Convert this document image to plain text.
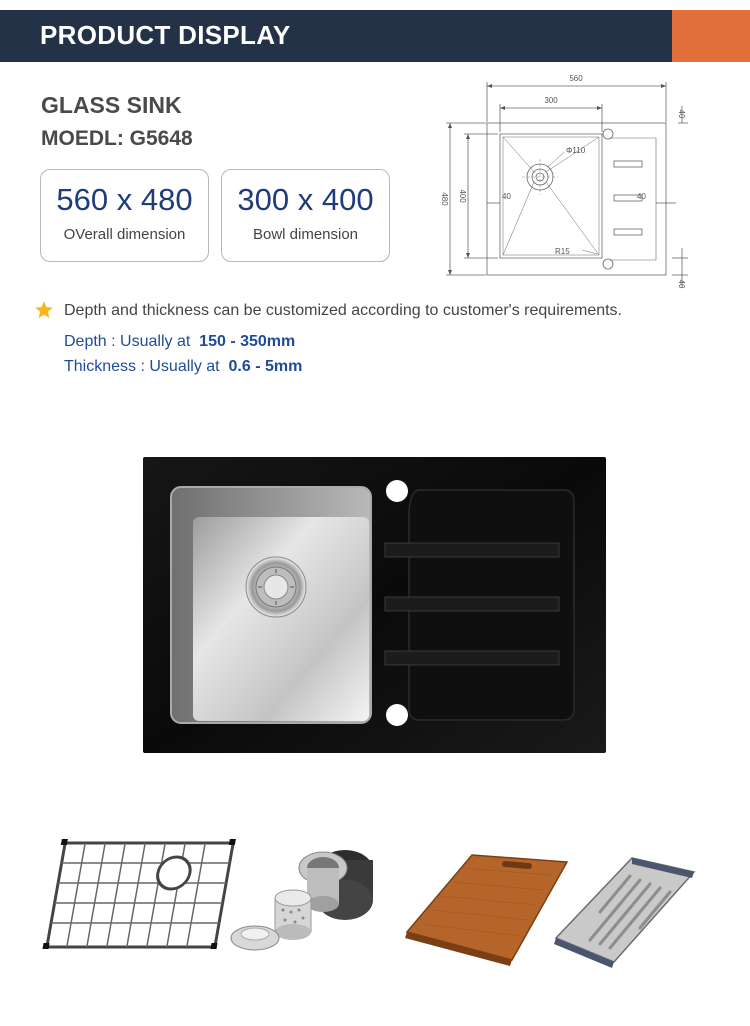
PRODUCT DISPLAY
GLASS SINK
MOEDL: G5648
560 x 480
OVerall dimension
300 x 400
Bowl dimension
560
300
480 400
Φ110
40	40
40
40
R15
Depth and thickness can be customized according to customer's requirements.
Depth : Usually at 150 - 350mm
Thickness : Usually at 0.6 - 5mm
